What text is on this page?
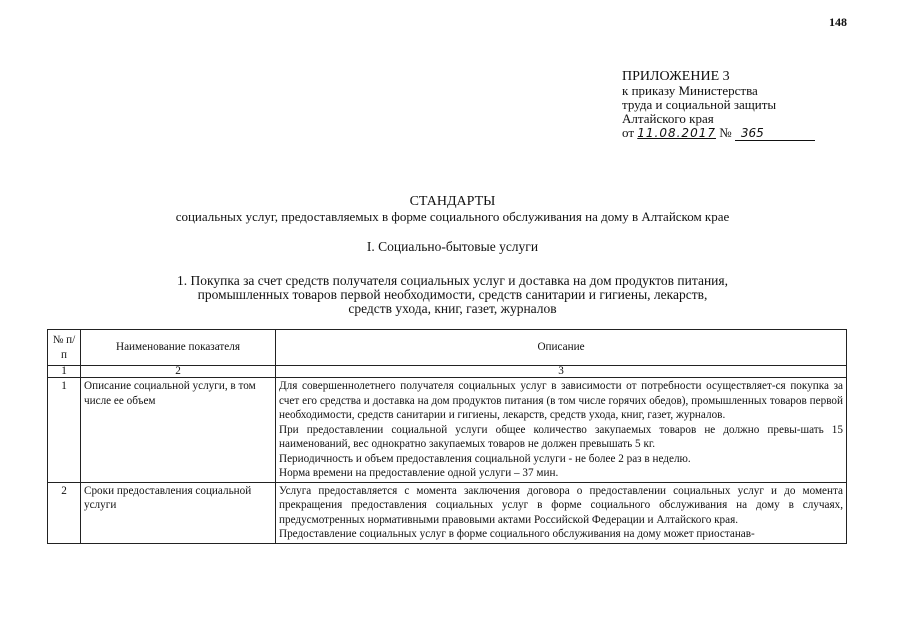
148
ПРИЛОЖЕНИЕ 3
к приказу Министерства
труда и социальной защиты
Алтайского края
от 11.08.2017 № 365
СТАНДАРТЫ
социальных услуг, предоставляемых в форме социального обслуживания на дому в Алтайском крае
I. Социально-бытовые услуги
1. Покупка за счет средств получателя социальных услуг и доставка на дом продуктов питания,
промышленных товаров первой необходимости, средств санитарии и гигиены, лекарств,
средств ухода, книг, газет, журналов
№ п/п	Наименование показателя	Описание
1	2	3
1	Описание социальной услуги, в том числе ее объем	Для совершеннолетнего получателя социальных услуг в зависимости от потребности осуществляет-ся покупка за счет его средства и доставка на дом продуктов питания (в том числе горячих обедов), промышленных товаров первой необходимости, средств санитарии и гигиены, лекарств, средств ухода, книг, газет, журналов.

При предоставлении социальной услуги общее количество закупаемых товаров не должно превы-шать 15 наименований, вес однократно закупаемых товаров не должен превышать 5 кг.

Периодичность и объем предоставления социальной услуги - не более 2 раз в неделю.

Норма времени на предоставление одной услуги – 37 мин.

2	Сроки предоставления социальной услуги	Услуга предоставляется с момента заключения договора о предоставлении социальных услуг и до момента прекращения предоставления социальных услуг в форме социального обслуживания на дому в случаях, предусмотренных нормативными правовыми актами Российской Федерации и Алтайского края.

Предоставление социальных услуг в форме социального обслуживания на дому может приостанав-
